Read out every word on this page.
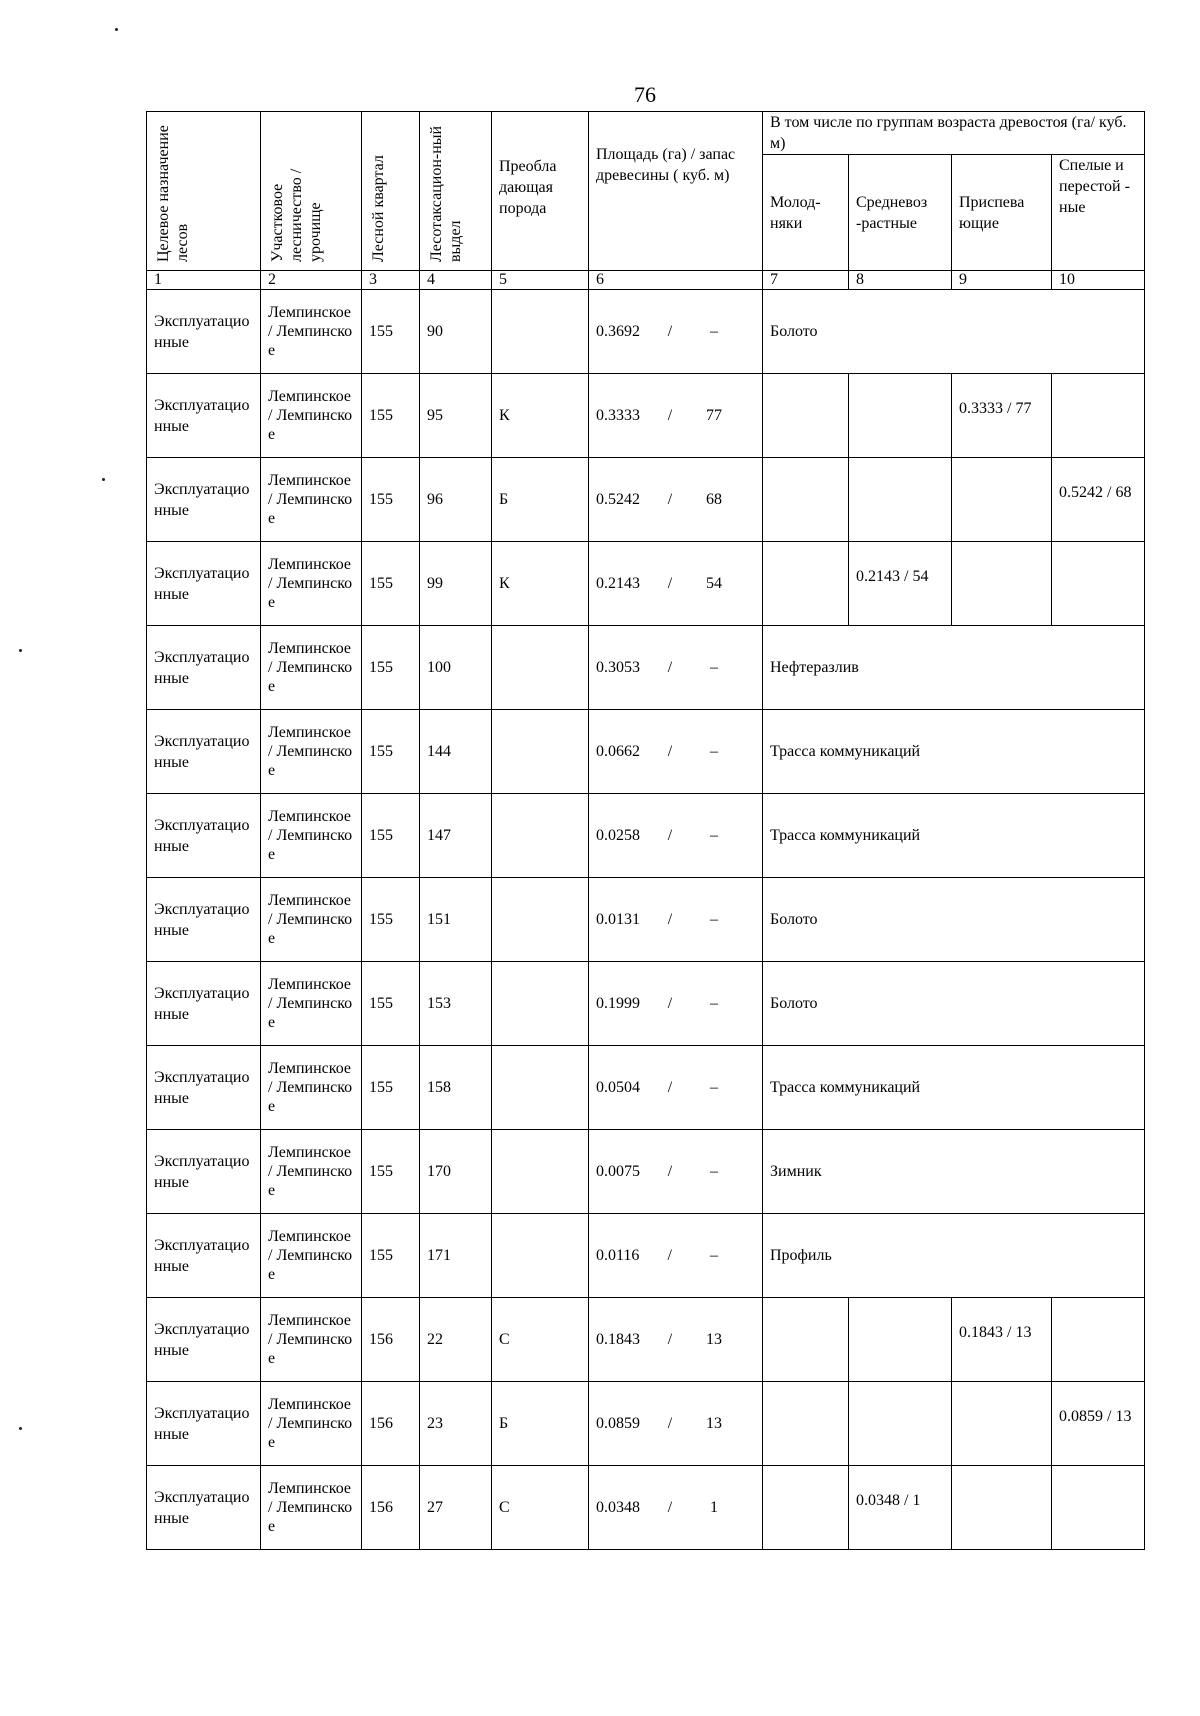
76
Целевое назначение лесов	Участковое лесничество / урочище	Лесной квартал	Лесотаксацион-ный выдел	Преобла дающая порода	Площадь (га) / запас древесины ( куб. м)	В том числе по группам возраста древостоя (га/ куб. м)			

						Молод-няки	Средневоз -растные	Приспева ющие	Спелые и перестой - ные

1	2	3	4	5	6	7	8	9	10
Эксплуатационные	Лемпинское / Лемпинское	155	90		0.3692 / –	Болото			
Эксплуатационные	Лемпинское / Лемпинское	155	95	К	0.3333 / 77			0.3333 / 77	

Эксплуатационные	Лемпинское / Лемпинское	155	96	Б	0.5242 / 68				0.5242 / 68

Эксплуатационные	Лемпинское / Лемпинское	155	99	К	0.2143 / 54		0.2143 / 54		

Эксплуатационные	Лемпинское / Лемпинское	155	100		0.3053 / –	Нефтеразлив			
Эксплуатационные	Лемпинское / Лемпинское	155	144		0.0662 / –	Трасса коммуникаций			
Эксплуатационные	Лемпинское / Лемпинское	155	147		0.0258 / –	Трасса коммуникаций			
Эксплуатационные	Лемпинское / Лемпинское	155	151		0.0131 / –	Болото			
Эксплуатационные	Лемпинское / Лемпинское	155	153		0.1999 / –	Болото			
Эксплуатационные	Лемпинское / Лемпинское	155	158		0.0504 / –	Трасса коммуникаций			
Эксплуатационные	Лемпинское / Лемпинское	155	170		0.0075 / –	Зимник			
Эксплуатационные	Лемпинское / Лемпинское	155	171		0.0116 / –	Профиль			
Эксплуатационные	Лемпинское / Лемпинское	156	22	С	0.1843 / 13			0.1843 / 13	

Эксплуатационные	Лемпинское / Лемпинское	156	23	Б	0.0859 / 13				0.0859 / 13

Эксплуатационные	Лемпинское / Лемпинское	156	27	С	0.0348 / 1		0.0348 / 1		
